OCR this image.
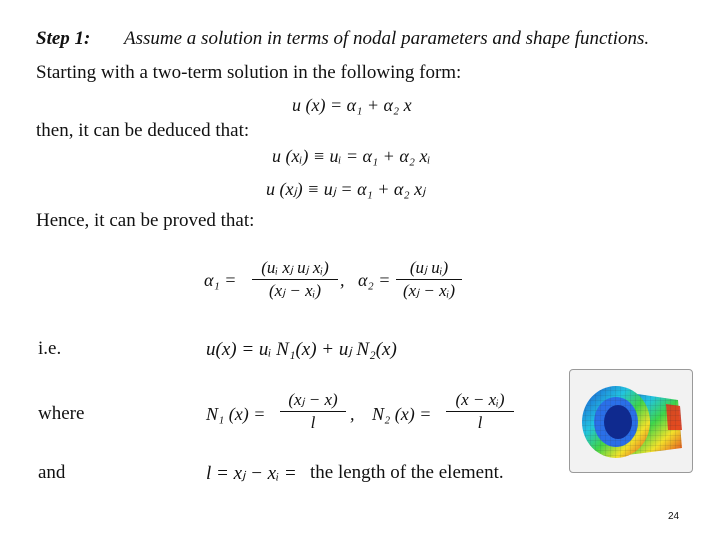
Step 1: Assume a solution in terms of nodal parameters and shape functions.
Starting with a two-term solution in the following form:
u (x) = α₁ + α₂ x
then, it can be deduced that:
u (xᵢ) ≡ uᵢ = α₁ + α₂ xᵢ
u (xⱼ) ≡ uⱼ = α₁ + α₂ xⱼ
Hence, it can be proved that:
α₁ =
(uᵢ xⱼ uⱼ xᵢ)
(xⱼ − xᵢ)
, α₂ =
(uⱼ uᵢ)
(xⱼ − xᵢ)
i.e.	u(x) = uᵢ N₁(x) + uⱼ N₂(x)
where	N₁ (x) =
(xⱼ − x)
l	, N₂ (x) =
(x − xᵢ)
l
and	l = xⱼ − xᵢ = the length of the element.
24
